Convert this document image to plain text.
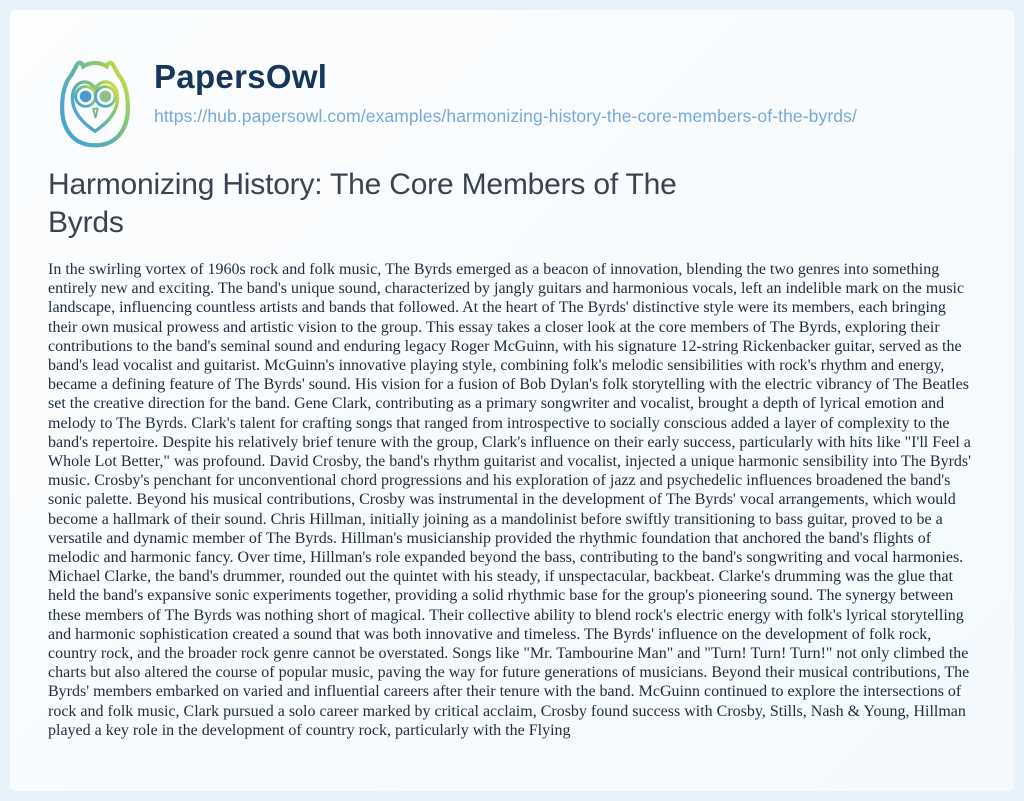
PapersOwl
https://hub.papersowl.com/examples/harmonizing-history-the-core-members-of-the-byrds/
Harmonizing History: The Core Members of The Byrds

In the swirling vortex of 1960s rock and folk music, The Byrds emerged as a beacon of innovation, blending the two genres into something entirely new and exciting. The band's unique sound, characterized by jangly guitars and harmonious vocals, left an indelible mark on the music landscape, influencing countless artists and bands that followed. At the heart of The Byrds' distinctive style were its members, each bringing their own musical prowess and artistic vision to the group. This essay takes a closer look at the core members of The Byrds, exploring their contributions to the band's seminal sound and enduring legacy Roger McGuinn, with his signature 12-string Rickenbacker guitar, served as the band's lead vocalist and guitarist. McGuinn's innovative playing style, combining folk's melodic sensibilities with rock's rhythm and energy, became a defining feature of The Byrds' sound. His vision for a fusion of Bob Dylan's folk storytelling with the electric vibrancy of The Beatles set the creative direction for the band. Gene Clark, contributing as a primary songwriter and vocalist, brought a depth of lyrical emotion and melody to The Byrds. Clark's talent for crafting songs that ranged from introspective to socially conscious added a layer of complexity to the band's repertoire. Despite his relatively brief tenure with the group, Clark's influence on their early success, particularly with hits like "I'll Feel a Whole Lot Better," was profound. David Crosby, the band's rhythm guitarist and vocalist, injected a unique harmonic sensibility into The Byrds' music. Crosby's penchant for unconventional chord progressions and his exploration of jazz and psychedelic influences broadened the band's sonic palette. Beyond his musical contributions, Crosby was instrumental in the development of The Byrds' vocal arrangements, which would become a hallmark of their sound. Chris Hillman, initially joining as a mandolinist before swiftly transitioning to bass guitar, proved to be a versatile and dynamic member of The Byrds. Hillman's musicianship provided the rhythmic foundation that anchored the band's flights of melodic and harmonic fancy. Over time, Hillman's role expanded beyond the bass, contributing to the band's songwriting and vocal harmonies. Michael Clarke, the band's drummer, rounded out the quintet with his steady, if unspectacular, backbeat. Clarke's drumming was the glue that held the band's expansive sonic experiments together, providing a solid rhythmic base for the group's pioneering sound. The synergy between these members of The Byrds was nothing short of magical. Their collective ability to blend rock's electric energy with folk's lyrical storytelling and harmonic sophistication created a sound that was both innovative and timeless. The Byrds' influence on the development of folk rock, country rock, and the broader rock genre cannot be overstated. Songs like "Mr. Tambourine Man" and "Turn! Turn! Turn!" not only climbed the charts but also altered the course of popular music, paving the way for future generations of musicians. Beyond their musical contributions, The Byrds' members embarked on varied and influential careers after their tenure with the band. McGuinn continued to explore the intersections of rock and folk music, Clark pursued a solo career marked by critical acclaim, Crosby found success with Crosby, Stills, Nash & Young, Hillman played a key role in the development of country rock, particularly with the Flying
